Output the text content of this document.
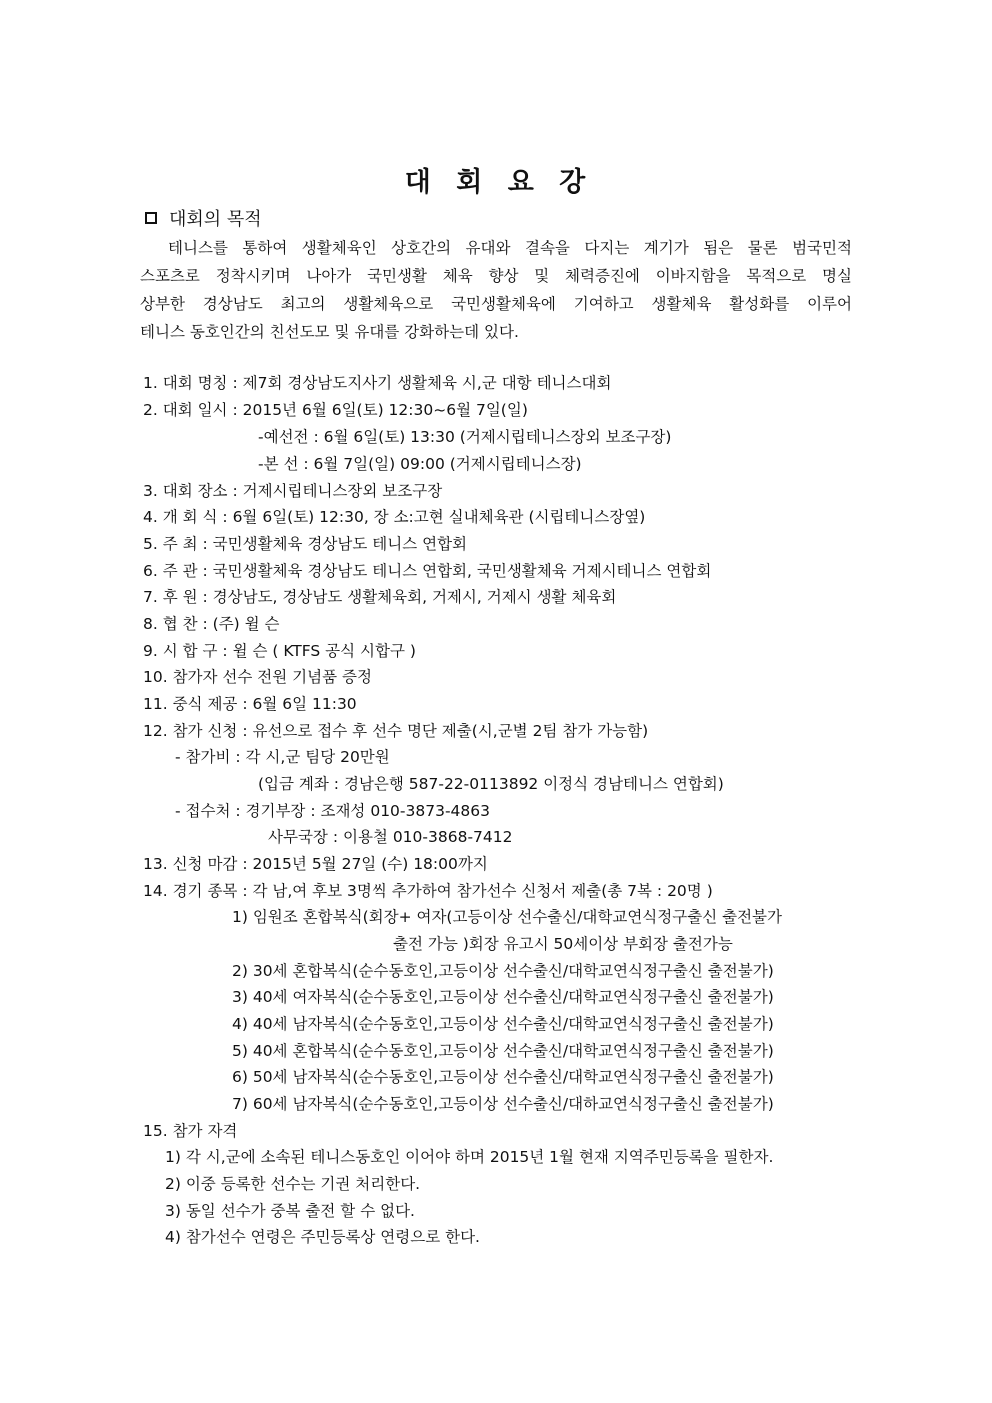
대 회 요 강
대회의 목적
테니스를 통하여 생활체육인 상호간의 유대와 결속을 다지는 계기가 됨은 물론 범국민적
스포츠로 정착시키며 나아가 국민생활 체육 향상 및 체력증진에 이바지함을 목적으로 명실
상부한 경상남도 최고의 생활체육으로 국민생활체육에 기여하고 생활체육 활성화를 이루어
테니스 동호인간의 친선도모 및 유대를 강화하는데 있다.
1. 대회 명칭 : 제7회 경상남도지사기 생활체육 시,군 대항 테니스대회
2. 대회 일시 : 2015년 6월 6일(토) 12:30~6월 7일(일)
-예선전 : 6월 6일(토) 13:30 (거제시립테니스장외 보조구장)
-본 선 : 6월 7일(일) 09:00 (거제시립테니스장)
3. 대회 장소 : 거제시립테니스장외 보조구장
4. 개 회 식 : 6월 6일(토) 12:30, 장 소:고현 실내체육관 (시립테니스장옆)
5. 주 최 : 국민생활체육 경상남도 테니스 연합회
6. 주 관 : 국민생활체육 경상남도 테니스 연합회, 국민생활체육 거제시테니스 연합회
7. 후 원 : 경상남도, 경상남도 생활체육회, 거제시, 거제시 생활 체육회
8. 협 찬 : (주) 윌 슨
9. 시 합 구 : 윌 슨 ( KTFS 공식 시합구 )
10. 참가자 선수 전원 기념품 증정
11. 중식 제공 : 6월 6일 11:30
12. 참가 신청 : 유선으로 접수 후 선수 명단 제출(시,군별 2팀 참가 가능함)
- 참가비 : 각 시,군 팀당 20만원
(입금 계좌 : 경남은행 587-22-0113892 이정식 경남테니스 연합회)
- 접수처 : 경기부장 : 조재성 010-3873-4863
사무국장 : 이용철 010-3868-7412
13. 신청 마감 : 2015년 5월 27일 (수) 18:00까지
14. 경기 종목 : 각 남,여 후보 3명씩 추가하여 참가선수 신청서 제출(총 7복 : 20명 )
1) 임원조 혼합복식(회장+ 여자(고등이상 선수출신/대학교연식정구출신 출전불가
출전 가능 )회장 유고시 50세이상 부회장 출전가능
2) 30세 혼합복식(순수동호인,고등이상 선수출신/대학교연식정구출신 출전불가)
3) 40세 여자복식(순수동호인,고등이상 선수출신/대학교연식정구출신 출전불가)
4) 40세 남자복식(순수동호인,고등이상 선수출신/대학교연식정구출신 출전불가)
5) 40세 혼합복식(순수동호인,고등이상 선수출신/대학교연식정구출신 출전불가)
6) 50세 남자복식(순수동호인,고등이상 선수출신/대학교연식정구출신 출전불가)
7) 60세 남자복식(순수동호인,고등이상 선수출신/대하교연식정구출신 출전불가)
15. 참가 자격
1) 각 시,군에 소속된 테니스동호인 이어야 하며 2015년 1월 현재 지역주민등록을 필한자.
2) 이중 등록한 선수는 기권 처리한다.
3) 동일 선수가 중복 출전 할 수 없다.
4) 참가선수 연령은 주민등록상 연령으로 한다.
